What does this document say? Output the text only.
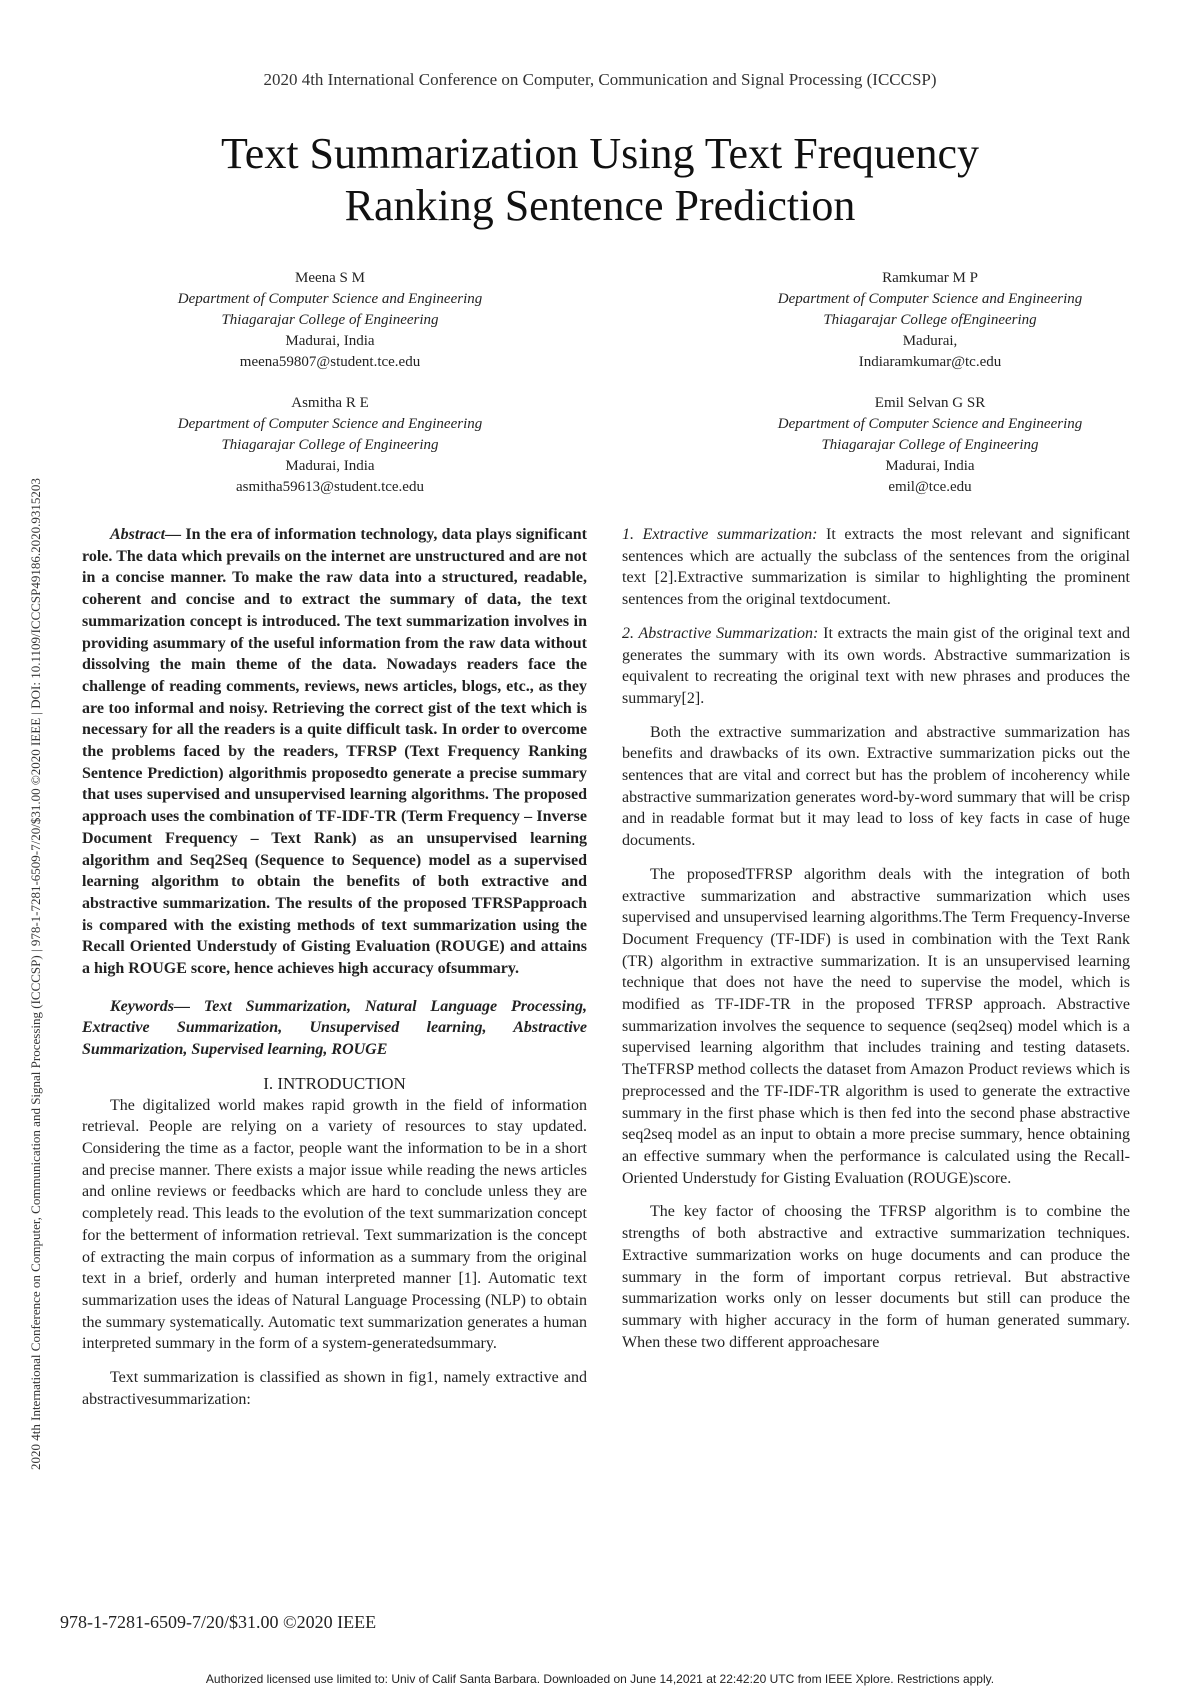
2020 4th International Conference on Computer, Communication and Signal Processing (ICCCSP)
Text Summarization Using Text Frequency
Ranking Sentence Prediction
2020 4th International Conference on Computer, Communication and Signal Processing (ICCCSP) | 978-1-7281-6509-7/20/$31.00 ©2020 IEEE | DOI: 10.1109/ICCCSP49186.2020.9315203
Meena S M
Department of Computer Science and Engineering
Thiagarajar College of Engineering
Madurai, India
meena59807@student.tce.edu
Ramkumar M P
Department of Computer Science and Engineering
Thiagarajar College ofEngineering
Madurai,
Indiaramkumar@tc.edu
Asmitha R E
Department of Computer Science and Engineering
Thiagarajar College of Engineering
Madurai, India
asmitha59613@student.tce.edu
Emil Selvan G SR
Department of Computer Science and Engineering
Thiagarajar College of Engineering
Madurai, India
emil@tce.edu

Abstract— In the era of information technology, data plays significant role. The data which prevails on the internet are unstructured and are not in a concise manner. To make the raw data into a structured, readable, coherent and concise and to extract the summary of data, the text summarization concept is introduced. The text summarization involves in providing asummary of the useful information from the raw data without dissolving the main theme of the data. Nowadays readers face the challenge of reading comments, reviews, news articles, blogs, etc., as they are too informal and noisy. Retrieving the correct gist of the text which is necessary for all the readers is a quite difficult task. In order to overcome the problems faced by the readers, TFRSP (Text Frequency Ranking Sentence Prediction) algorithmis proposedto generate a precise summary that uses supervised and unsupervised learning algorithms. The proposed approach uses the combination of TF-IDF-TR (Term Frequency – Inverse Document Frequency – Text Rank) as an unsupervised learning algorithm and Seq2Seq (Sequence to Sequence) model as a supervised learning algorithm to obtain the benefits of both extractive and abstractive summarization. The results of the proposed TFRSPapproach is compared with the existing methods of text summarization using the Recall Oriented Understudy of Gisting Evaluation (ROUGE) and attains a high ROUGE score, hence achieves high accuracy ofsummary.

Keywords— Text Summarization, Natural Language Processing, Extractive Summarization, Unsupervised learning, Abstractive Summarization, Supervised learning, ROUGE

I. INTRODUCTION

The digitalized world makes rapid growth in the field of information retrieval. People are relying on a variety of resources to stay updated. Considering the time as a factor, people want the information to be in a short and precise manner. There exists a major issue while reading the news articles and online reviews or feedbacks which are hard to conclude unless they are completely read. This leads to the evolution of the text summarization concept for the betterment of information retrieval. Text summarization is the concept of extracting the main corpus of information as a summary from the original text in a brief, orderly and human interpreted manner [1]. Automatic text summarization uses the ideas of Natural Language Processing (NLP) to obtain the summary systematically. Automatic text summarization generates a human interpreted summary in the form of a system-generatedsummary.

Text summarization is classified as shown in fig1, namely extractive and abstractivesummarization:

1. Extractive summarization: It extracts the most relevant and significant sentences which are actually the subclass of the sentences from the original text [2].Extractive summarization is similar to highlighting the prominent sentences from the original textdocument.

2. Abstractive Summarization: It extracts the main gist of the original text and generates the summary with its own words. Abstractive summarization is equivalent to recreating the original text with new phrases and produces the summary[2].

Both the extractive summarization and abstractive summarization has benefits and drawbacks of its own. Extractive summarization picks out the sentences that are vital and correct but has the problem of incoherency while abstractive summarization generates word-by-word summary that will be crisp and in readable format but it may lead to loss of key facts in case of huge documents.

The proposedTFRSP algorithm deals with the integration of both extractive summarization and abstractive summarization which uses supervised and unsupervised learning algorithms.The Term Frequency-Inverse Document Frequency (TF-IDF) is used in combination with the Text Rank (TR) algorithm in extractive summarization. It is an unsupervised learning technique that does not have the need to supervise the model, which is modified as TF-IDF-TR in the proposed TFRSP approach. Abstractive summarization involves the sequence to sequence (seq2seq) model which is a supervised learning algorithm that includes training and testing datasets. TheTFRSP method collects the dataset from Amazon Product reviews which is preprocessed and the TF-IDF-TR algorithm is used to generate the extractive summary in the first phase which is then fed into the second phase abstractive seq2seq model as an input to obtain a more precise summary, hence obtaining an effective summary when the performance is calculated using the Recall-Oriented Understudy for Gisting Evaluation (ROUGE)score.

The key factor of choosing the TFRSP algorithm is to combine the strengths of both abstractive and extractive summarization techniques. Extractive summarization works on huge documents and can produce the summary in the form of important corpus retrieval. But abstractive summarization works only on lesser documents but still can produce the summary with higher accuracy in the form of human generated summary. When these two different approachesare

978-1-7281-6509-7/20/$31.00 ©2020 IEEE
Authorized licensed use limited to: Univ of Calif Santa Barbara. Downloaded on June 14,2021 at 22:42:20 UTC from IEEE Xplore. Restrictions apply.
